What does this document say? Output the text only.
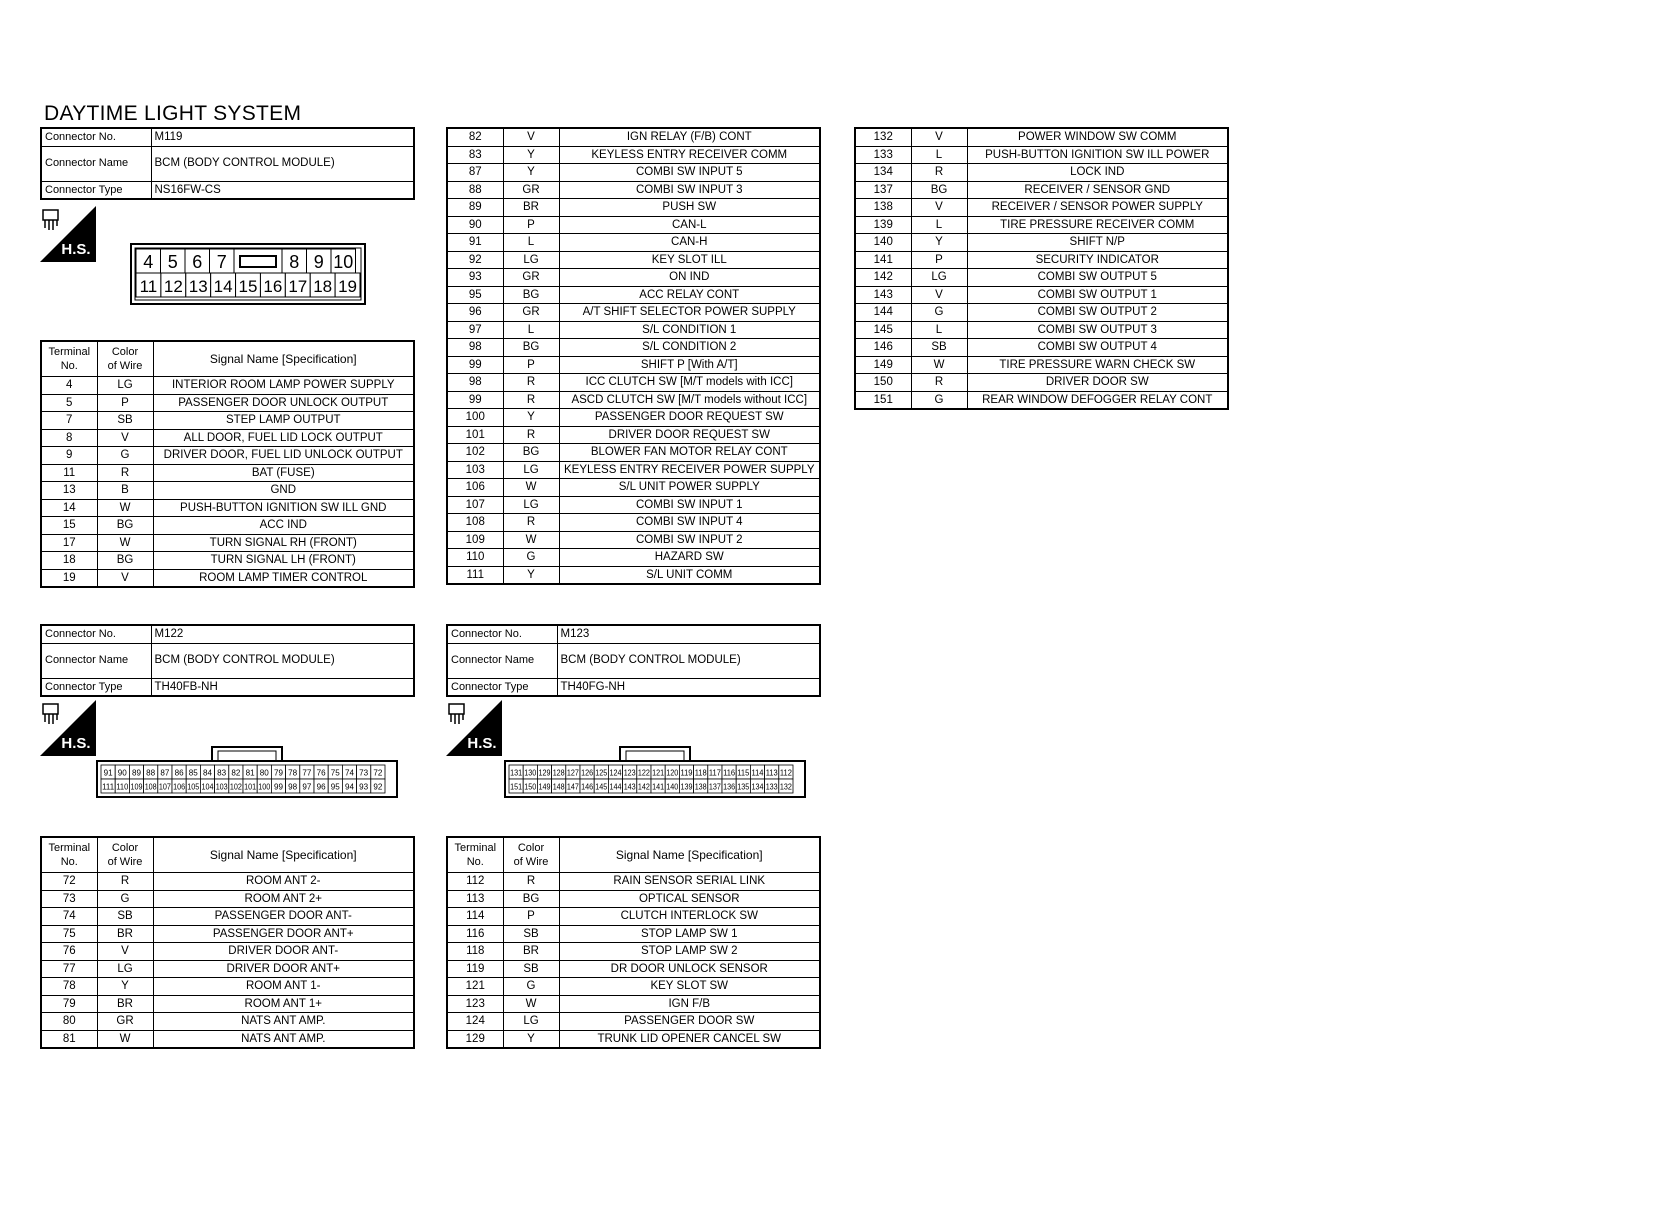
DAYTIME LIGHT SYSTEM
Connector No.	M119
Connector Name	BCM (BODY CONTROL MODULE)
Connector Type	NS16FW-CS
Connector No.	M122
Connector Name	BCM (BODY CONTROL MODULE)
Connector Type	TH40FB-NH
Connector No.	M123
Connector Name	BCM (BODY CONTROL MODULE)
Connector Type	TH40FG-NH
H.S.
H.S.	H.S.
4 5 6 7	8 9 10
11 12 13 14 15 16 17 18 19
91 90 89 88 87 86 85 84 83 82 81 80 79 78 77 76 75 74 73 72
111 110 109 108 107 106 105 104 103 102 101 100 99 98 97 96 95 94 93 92
131 130 129 128 127 126 125 124 123 122 121 120 119 118 117 116 115 114 113 112
151 150 149 148 147 146 145 144 143 142 141 140 139 138 137 136 135 134 133 132
Terminal
No.	Color
of Wire	Signal Name [Specification]
4	LG	INTERIOR ROOM LAMP POWER SUPPLY
5	P	PASSENGER DOOR UNLOCK OUTPUT
7	SB	STEP LAMP OUTPUT
8	V	ALL DOOR, FUEL LID LOCK OUTPUT
9	G	DRIVER DOOR, FUEL LID UNLOCK OUTPUT
11	R	BAT (FUSE)
13	B	GND
14	W	PUSH-BUTTON IGNITION SW ILL GND
15	BG	ACC IND
17	W	TURN SIGNAL RH (FRONT)
18	BG	TURN SIGNAL LH (FRONT)
19	V	ROOM LAMP TIMER CONTROL
Terminal
No.	Color
of Wire	Signal Name [Specification]
72	R	ROOM ANT 2-
73	G	ROOM ANT 2+
74	SB	PASSENGER DOOR ANT-
75	BR	PASSENGER DOOR ANT+
76	V	DRIVER DOOR ANT-
77	LG	DRIVER DOOR ANT+
78	Y	ROOM ANT 1-
79	BR	ROOM ANT 1+
80	GR	NATS ANT AMP.
81	W	NATS ANT AMP.
82	V	IGN RELAY (F/B) CONT
83	Y	KEYLESS ENTRY RECEIVER COMM
87	Y	COMBI SW INPUT 5
88	GR	COMBI SW INPUT 3
89	BR	PUSH SW
90	P	CAN-L
91	L	CAN-H
92	LG	KEY SLOT ILL
93	GR	ON IND
95	BG	ACC RELAY CONT
96	GR	A/T SHIFT SELECTOR POWER SUPPLY
97	L	S/L CONDITION 1
98	BG	S/L CONDITION 2
99	P	SHIFT P [With A/T]
98	R	ICC CLUTCH SW [M/T models with ICC]
99	R	ASCD CLUTCH SW [M/T models without ICC]
100	Y	PASSENGER DOOR REQUEST SW
101	R	DRIVER DOOR REQUEST SW
102	BG	BLOWER FAN MOTOR RELAY CONT
103	LG	KEYLESS ENTRY RECEIVER POWER SUPPLY
106	W	S/L UNIT POWER SUPPLY
107	LG	COMBI SW INPUT 1
108	R	COMBI SW INPUT 4
109	W	COMBI SW INPUT 2
110	G	HAZARD SW
111	Y	S/L UNIT COMM
Terminal
No.	Color
of Wire	Signal Name [Specification]
112	R	RAIN SENSOR SERIAL LINK
113	BG	OPTICAL SENSOR
114	P	CLUTCH INTERLOCK SW
116	SB	STOP LAMP SW 1
118	BR	STOP LAMP SW 2
119	SB	DR DOOR UNLOCK SENSOR
121	G	KEY SLOT SW
123	W	IGN F/B
124	LG	PASSENGER DOOR SW
129	Y	TRUNK LID OPENER CANCEL SW
132	V	POWER WINDOW SW COMM
133	L	PUSH-BUTTON IGNITION SW ILL POWER
134	R	LOCK IND
137	BG	RECEIVER / SENSOR GND
138	V	RECEIVER / SENSOR POWER SUPPLY
139	L	TIRE PRESSURE RECEIVER COMM
140	Y	SHIFT N/P
141	P	SECURITY INDICATOR
142	LG	COMBI SW OUTPUT 5
143	V	COMBI SW OUTPUT 1
144	G	COMBI SW OUTPUT 2
145	L	COMBI SW OUTPUT 3
146	SB	COMBI SW OUTPUT 4
149	W	TIRE PRESSURE WARN CHECK SW
150	R	DRIVER DOOR SW
151	G	REAR WINDOW DEFOGGER RELAY CONT
